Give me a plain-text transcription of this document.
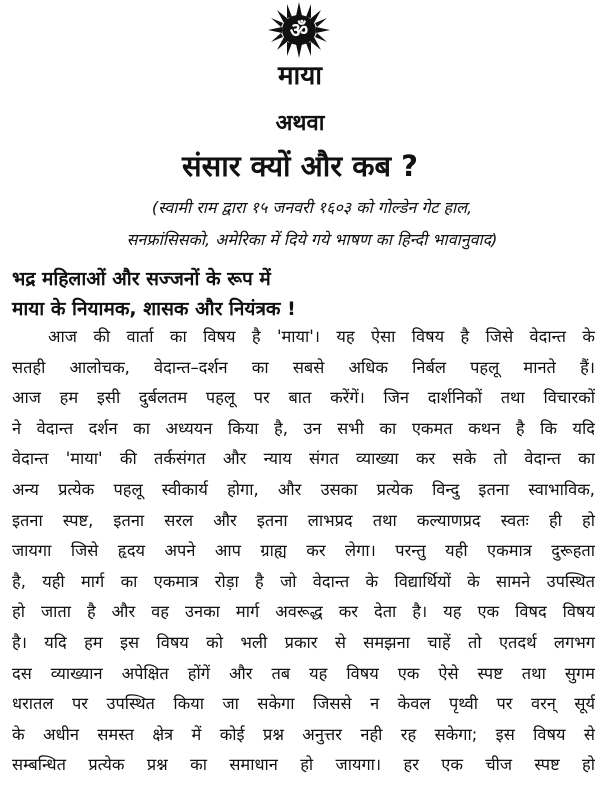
ॐ
माया
अथवा
संसार क्यों और कब ?
(स्वामी राम द्वारा १५ जनवरी १६०३ को गोल्डेन गेट हाल,
सनफ्रांसिसको, अमेरिका में दिये गये भाषण का हिन्दी भावानुवाद)
भद्र महिलाओं और सज्जनों के रूप में
माया के नियामक, शासक और नियंत्रक !
आज की वार्ता का विषय है 'माया'। यह ऐसा विषय है जिसे वेदान्त के
सतही आलोचक, वेदान्त–दर्शन का सबसे अधिक निर्बल पहलू मानते हैं।
आज हम इसी दुर्बलतम पहलू पर बात करेंगें। जिन दार्शनिकों तथा विचारकों
ने वेदान्त दर्शन का अध्ययन किया है, उन सभी का एकमत कथन है कि यदि
वेदान्त 'माया' की तर्कसंगत और न्याय संगत व्याख्या कर सके तो वेदान्त का
अन्य प्रत्येक पहलू स्वीकार्य होगा, और उसका प्रत्येक विन्दु इतना स्वाभाविक,
इतना स्पष्ट, इतना सरल और इतना लाभप्रद तथा कल्याणप्रद स्वतः ही हो
जायगा जिसे हृदय अपने आप ग्राह्य कर लेगा। परन्तु यही एकमात्र दुरूहता
है, यही मार्ग का एकमात्र रोड़ा है जो वेदान्त के विद्यार्थियों के सामने उपस्थित
हो जाता है और वह उनका मार्ग अवरूद्ध कर देता है। यह एक विषद विषय
है। यदि हम इस विषय को भली प्रकार से समझना चाहें तो एतदर्थ लगभग
दस व्याख्यान अपेक्षित होंगें और तब यह विषय एक ऐसे स्पष्ट तथा सुगम
धरातल पर उपस्थित किया जा सकेगा जिससे न केवल पृथ्वी पर वरन् सूर्य
के अधीन समस्त क्षेत्र में कोई प्रश्न अनुत्तर नही रह सकेगा; इस विषय से
सम्बन्धित प्रत्येक प्रश्न का समाधान हो जायगा। हर एक चीज स्पष्ट हो
